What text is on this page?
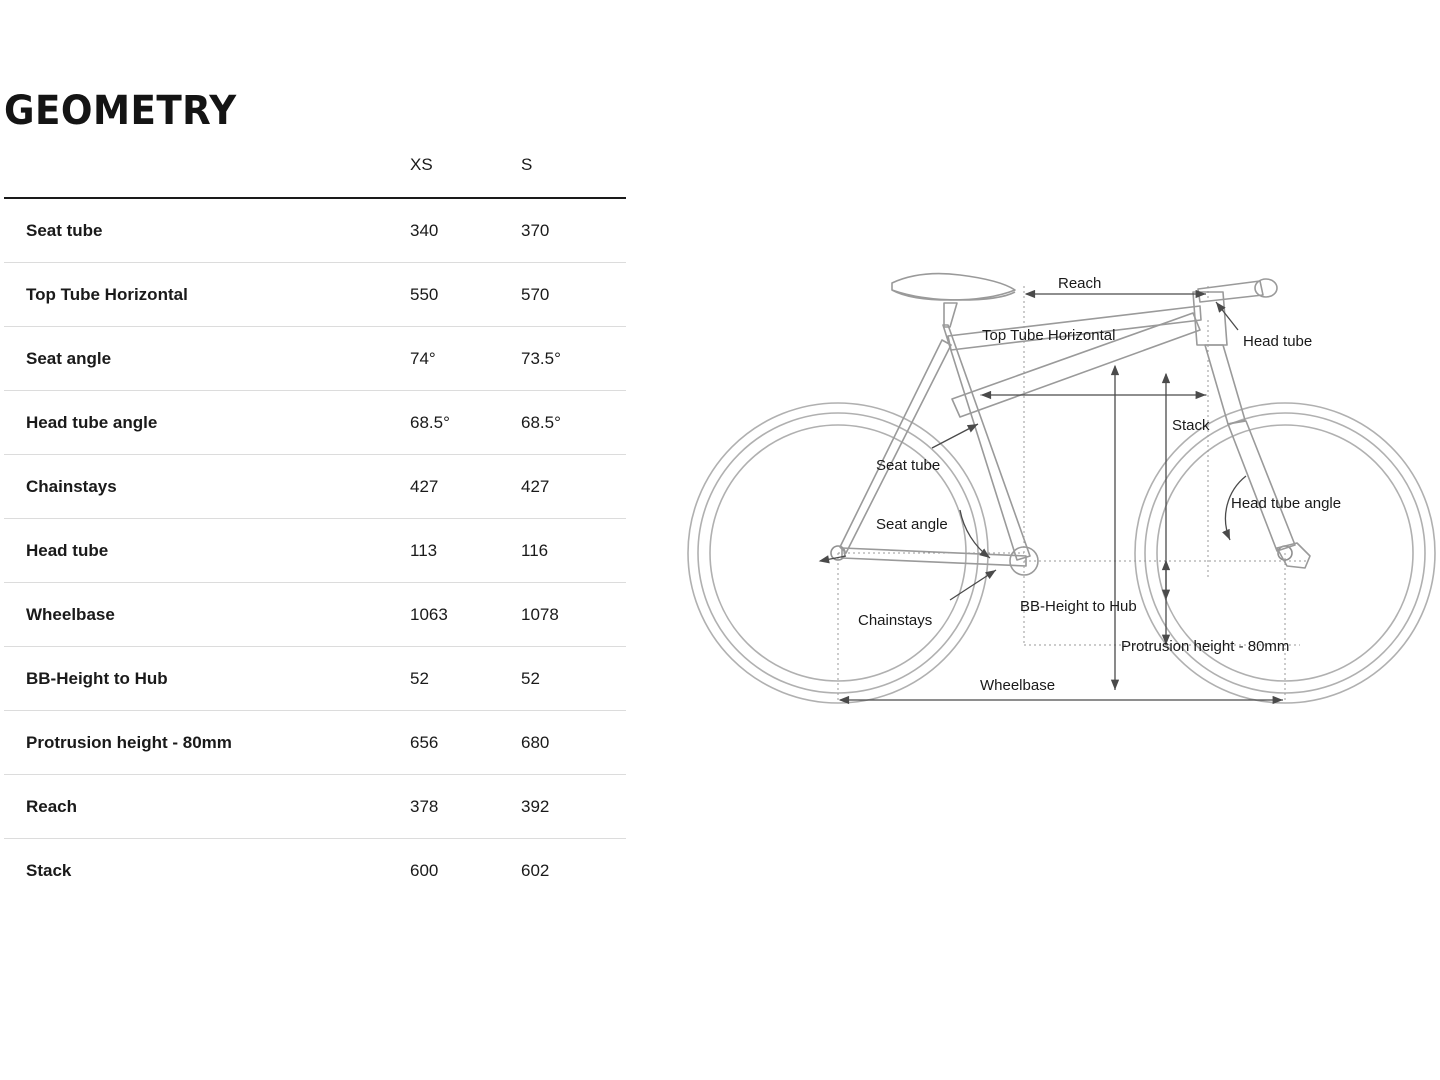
GEOMETRY
	XS	S
Seat tube	340	370
Top Tube Horizontal	550	570
Seat angle	74°	73.5°
Head tube angle	68.5°	68.5°
Chainstays	427	427
Head tube	113	116
Wheelbase	1063	1078
BB-Height to Hub	52	52
Protrusion height - 80mm	656	680
Reach	378	392
Stack	600	602
Reach
Top Tube Horizontal	Head tube
Stack
Seat tube
Seat angle
Head tube angle
Chainstays
BB-Height to Hub
Protrusion height - 80mm
Wheelbase
